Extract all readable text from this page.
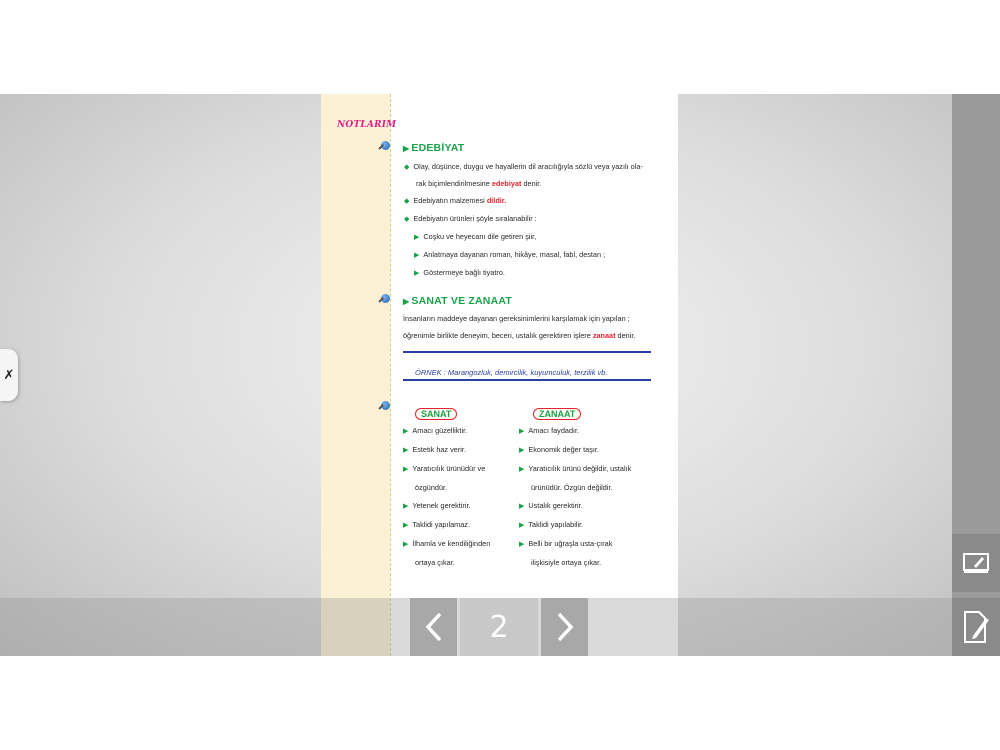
✗
NOTLARIM
▶ EDEBİYAT
◆ Olay, düşünce, duygu ve hayallerin dil aracılığıyla sözlü veya yazılı ola-
rak biçimlendirilmesine edebiyat denir.
◆ Edebiyatın malzemesi dildir.
◆ Edebiyatın ürünleri şöyle sıralanabilir :
▶ Coşku ve heyecanı dile getiren şiir,
▶ Anlatmaya dayanan roman, hikâye, masal, fabl, destan ;
▶ Göstermeye bağlı tiyatro.
▶ SANAT VE ZANAAT
İnsanların maddeye dayanan gereksinimlerini karşılamak için yapılan ;
öğrenimle birlikte deneyim, beceri, ustalık gerektiren işlere zanaat denir.
ÖRNEK : Marangozluk, demircilik, kuyumculuk, terzilik vb.
SANAT	ZANAAT
▶ Amacı güzelliktir.
▶ Estetik haz verir.
▶ Yaratıcılık ürünüdür ve
özgündür.
▶ Yetenek gerektirir.
▶ Taklidi yapılamaz.
▶ İlhamla ve kendiliğinden
ortaya çıkar.
▶ Amacı faydadır.
▶ Ekonomik değer taşır.
▶ Yaratıcılık ürünü değildir, ustalık
ürünüdür. Özgün değildir.
▶ Ustalık gerektirir.
▶ Taklidi yapılabilir.
▶ Belli bir uğraşla usta-çırak
ilişkisiyle ortaya çıkar.
2
